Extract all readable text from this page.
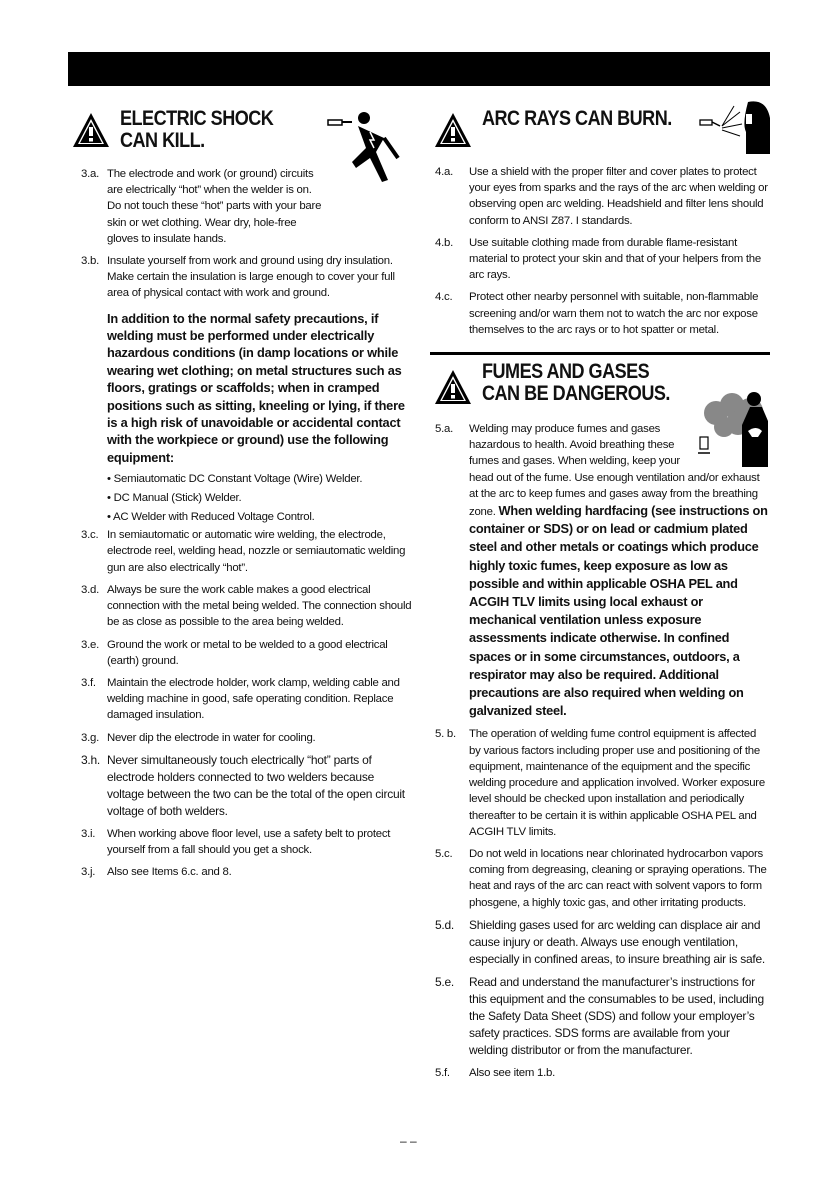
ELECTRIC SHOCK
CAN KILL.
3.a. The electrode and work (or ground) circuits are electrically “hot” when the welder is on. Do not touch these “hot” parts with your bare skin or wet clothing. Wear dry, hole-free gloves to insulate hands.
3.b. Insulate yourself from work and ground using dry insulation. Make certain the insulation is large enough to cover your full area of physical contact with work and ground.
In addition to the normal safety precautions, if welding must be performed under electrically hazardous conditions (in damp locations or while wearing wet clothing; on metal structures such as floors, gratings or scaffolds; when in cramped positions such as sitting, kneeling or lying, if there is a high risk of unavoidable or accidental contact with the workpiece or ground) use the following equipment:
• Semiautomatic DC Constant Voltage (Wire) Welder.
• DC Manual (Stick) Welder.
• AC Welder with Reduced Voltage Control.
3.c. In semiautomatic or automatic wire welding, the electrode, electrode reel, welding head, nozzle or semiautomatic welding gun are also electrically “hot”.
3.d. Always be sure the work cable makes a good electrical connection with the metal being welded. The connection should be as close as possible to the area being welded.
3.e. Ground the work or metal to be welded to a good electrical (earth) ground.
3.f. Maintain the electrode holder, work clamp, welding cable and welding machine in good, safe operating condition. Replace damaged insulation.
3.g. Never dip the electrode in water for cooling.
3.h. Never simultaneously touch electrically “hot” parts of electrode holders connected to two welders because voltage between the two can be the total of the open circuit voltage of both welders.
3.i. When working above floor level, use a safety belt to protect yourself from a fall should you get a shock.
3.j. Also see Items 6.c. and 8.
ARC RAYS CAN BURN.
4.a. Use a shield with the proper filter and cover plates to protect your eyes from sparks and the rays of the arc when welding or observing open arc welding. Headshield and filter lens should conform to ANSI Z87. I standards.
4.b. Use suitable clothing made from durable flame-resistant material to protect your skin and that of your helpers from the arc rays.
4.c. Protect other nearby personnel with suitable, non-flammable screening and/or warn them not to watch the arc nor expose themselves to the arc rays or to hot spatter or metal.
FUMES AND GASES
CAN BE DANGEROUS.
5.a. Welding may produce fumes and gases hazardous to health. Avoid breathing these fumes and gases. When welding, keep your head out of the fume. Use enough ventilation and/or exhaust at the arc to keep fumes and gases away from the breathing zone. When welding hardfacing (see instructions on container or SDS) or on lead or cadmium plated steel and other metals or coatings which produce highly toxic fumes, keep exposure as low as possible and within applicable OSHA PEL and ACGIH TLV limits using local exhaust or mechanical ventilation unless exposure assessments indicate otherwise. In confined spaces or in some circumstances, outdoors, a respirator may also be required. Additional precautions are also required when welding on galvanized steel.
5. b. The operation of welding fume control equipment is affected by various factors including proper use and positioning of the equipment, maintenance of the equipment and the specific welding procedure and application involved. Worker exposure level should be checked upon installation and periodically thereafter to be certain it is within applicable OSHA PEL and ACGIH TLV limits.
5.c. Do not weld in locations near chlorinated hydrocarbon vapors coming from degreasing, cleaning or spraying operations. The heat and rays of the arc can react with solvent vapors to form phosgene, a highly toxic gas, and other irritating products.
5.d. Shielding gases used for arc welding can displace air and cause injury or death. Always use enough ventilation, especially in confined areas, to insure breathing air is safe.
5.e. Read and understand the manufacturer’s instructions for this equipment and the consumables to be used, including the Safety Data Sheet (SDS) and follow your employer’s safety practices. SDS forms are available from your welding distributor or from the manufacturer.
5.f. Also see item 1.b.
– –
